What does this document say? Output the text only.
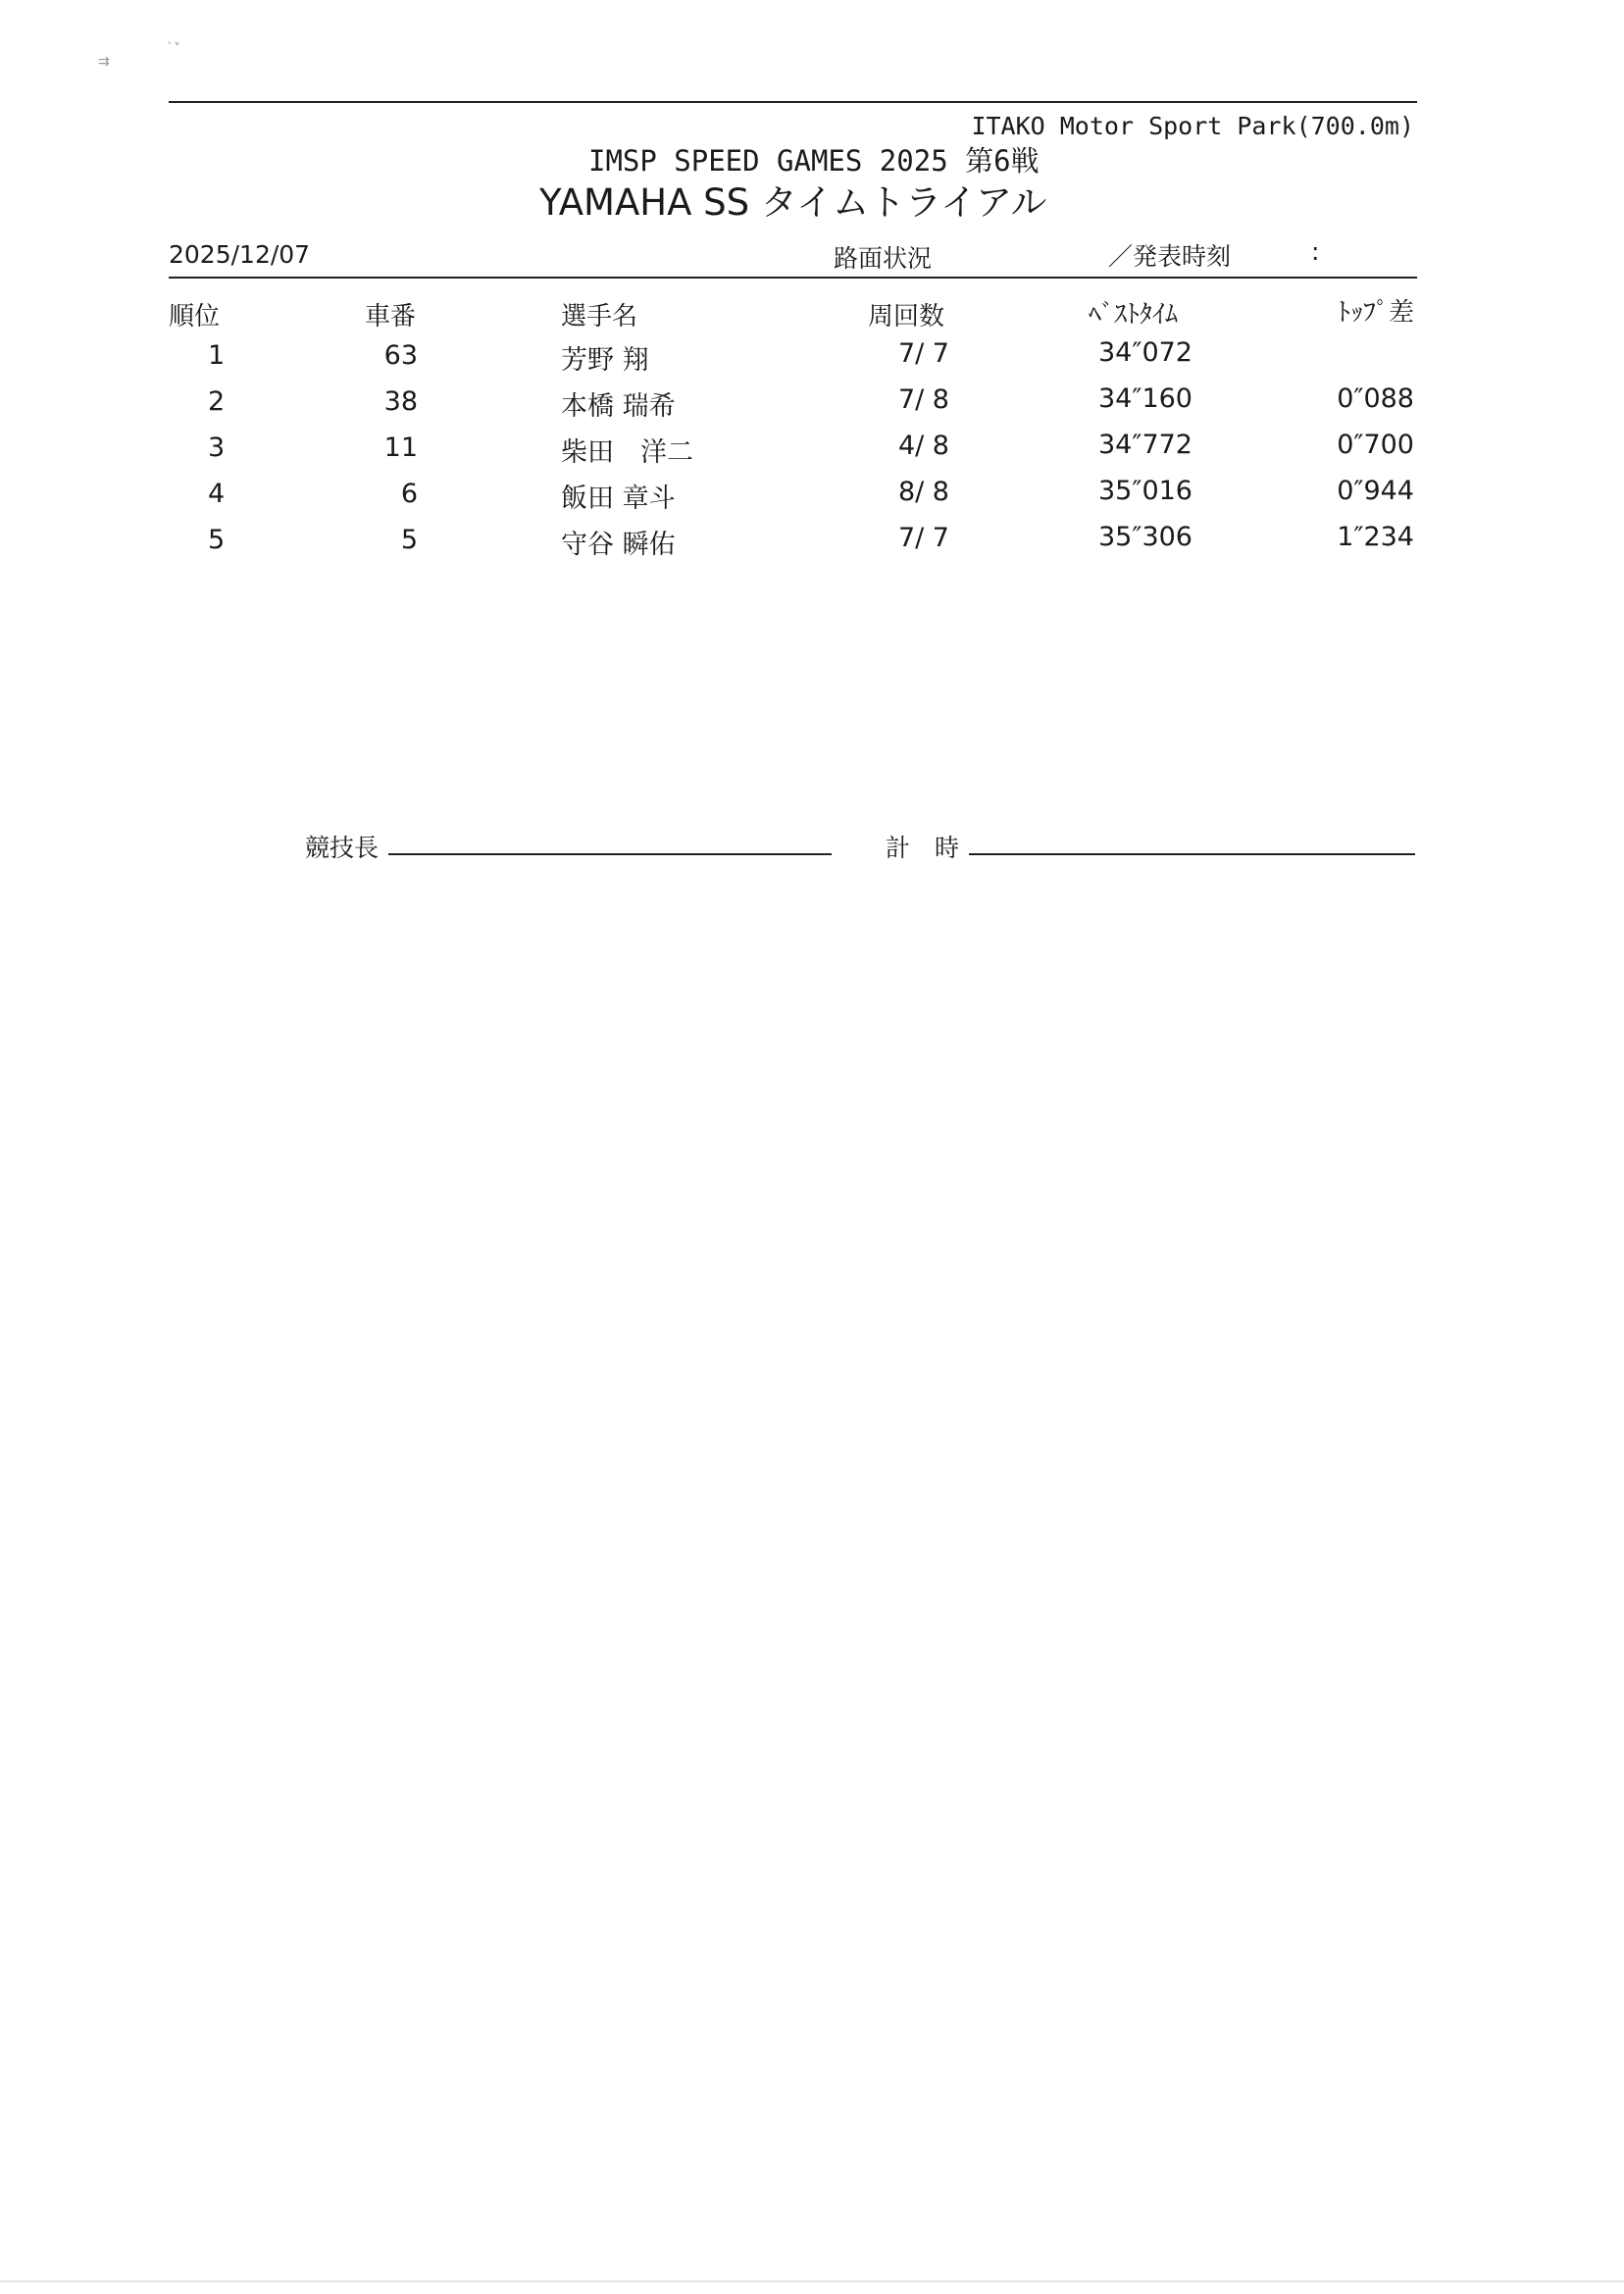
⇉
ˋ˅
ITAKO Motor Sport Park(700.0m)
IMSP SPEED GAMES 2025 第6戦
YAMAHA SS タイムトライアル
2025/12/07	路面状況	／発表時刻	:
順位	車番	選手名	周回数	ﾍﾞｽﾄﾀｲﾑ	ﾄｯﾌﾟ差
1	63	芳野 翔	7/ 7	34″072
2	38	本橋 瑞希	7/ 8	34″160	0″088
3	11	柴田　洋二	4/ 8	34″772	0″700
4	6	飯田 章斗	8/ 8	35″016	0″944
5	5	守谷 瞬佑	7/ 7	35″306	1″234
競技長	計　時
